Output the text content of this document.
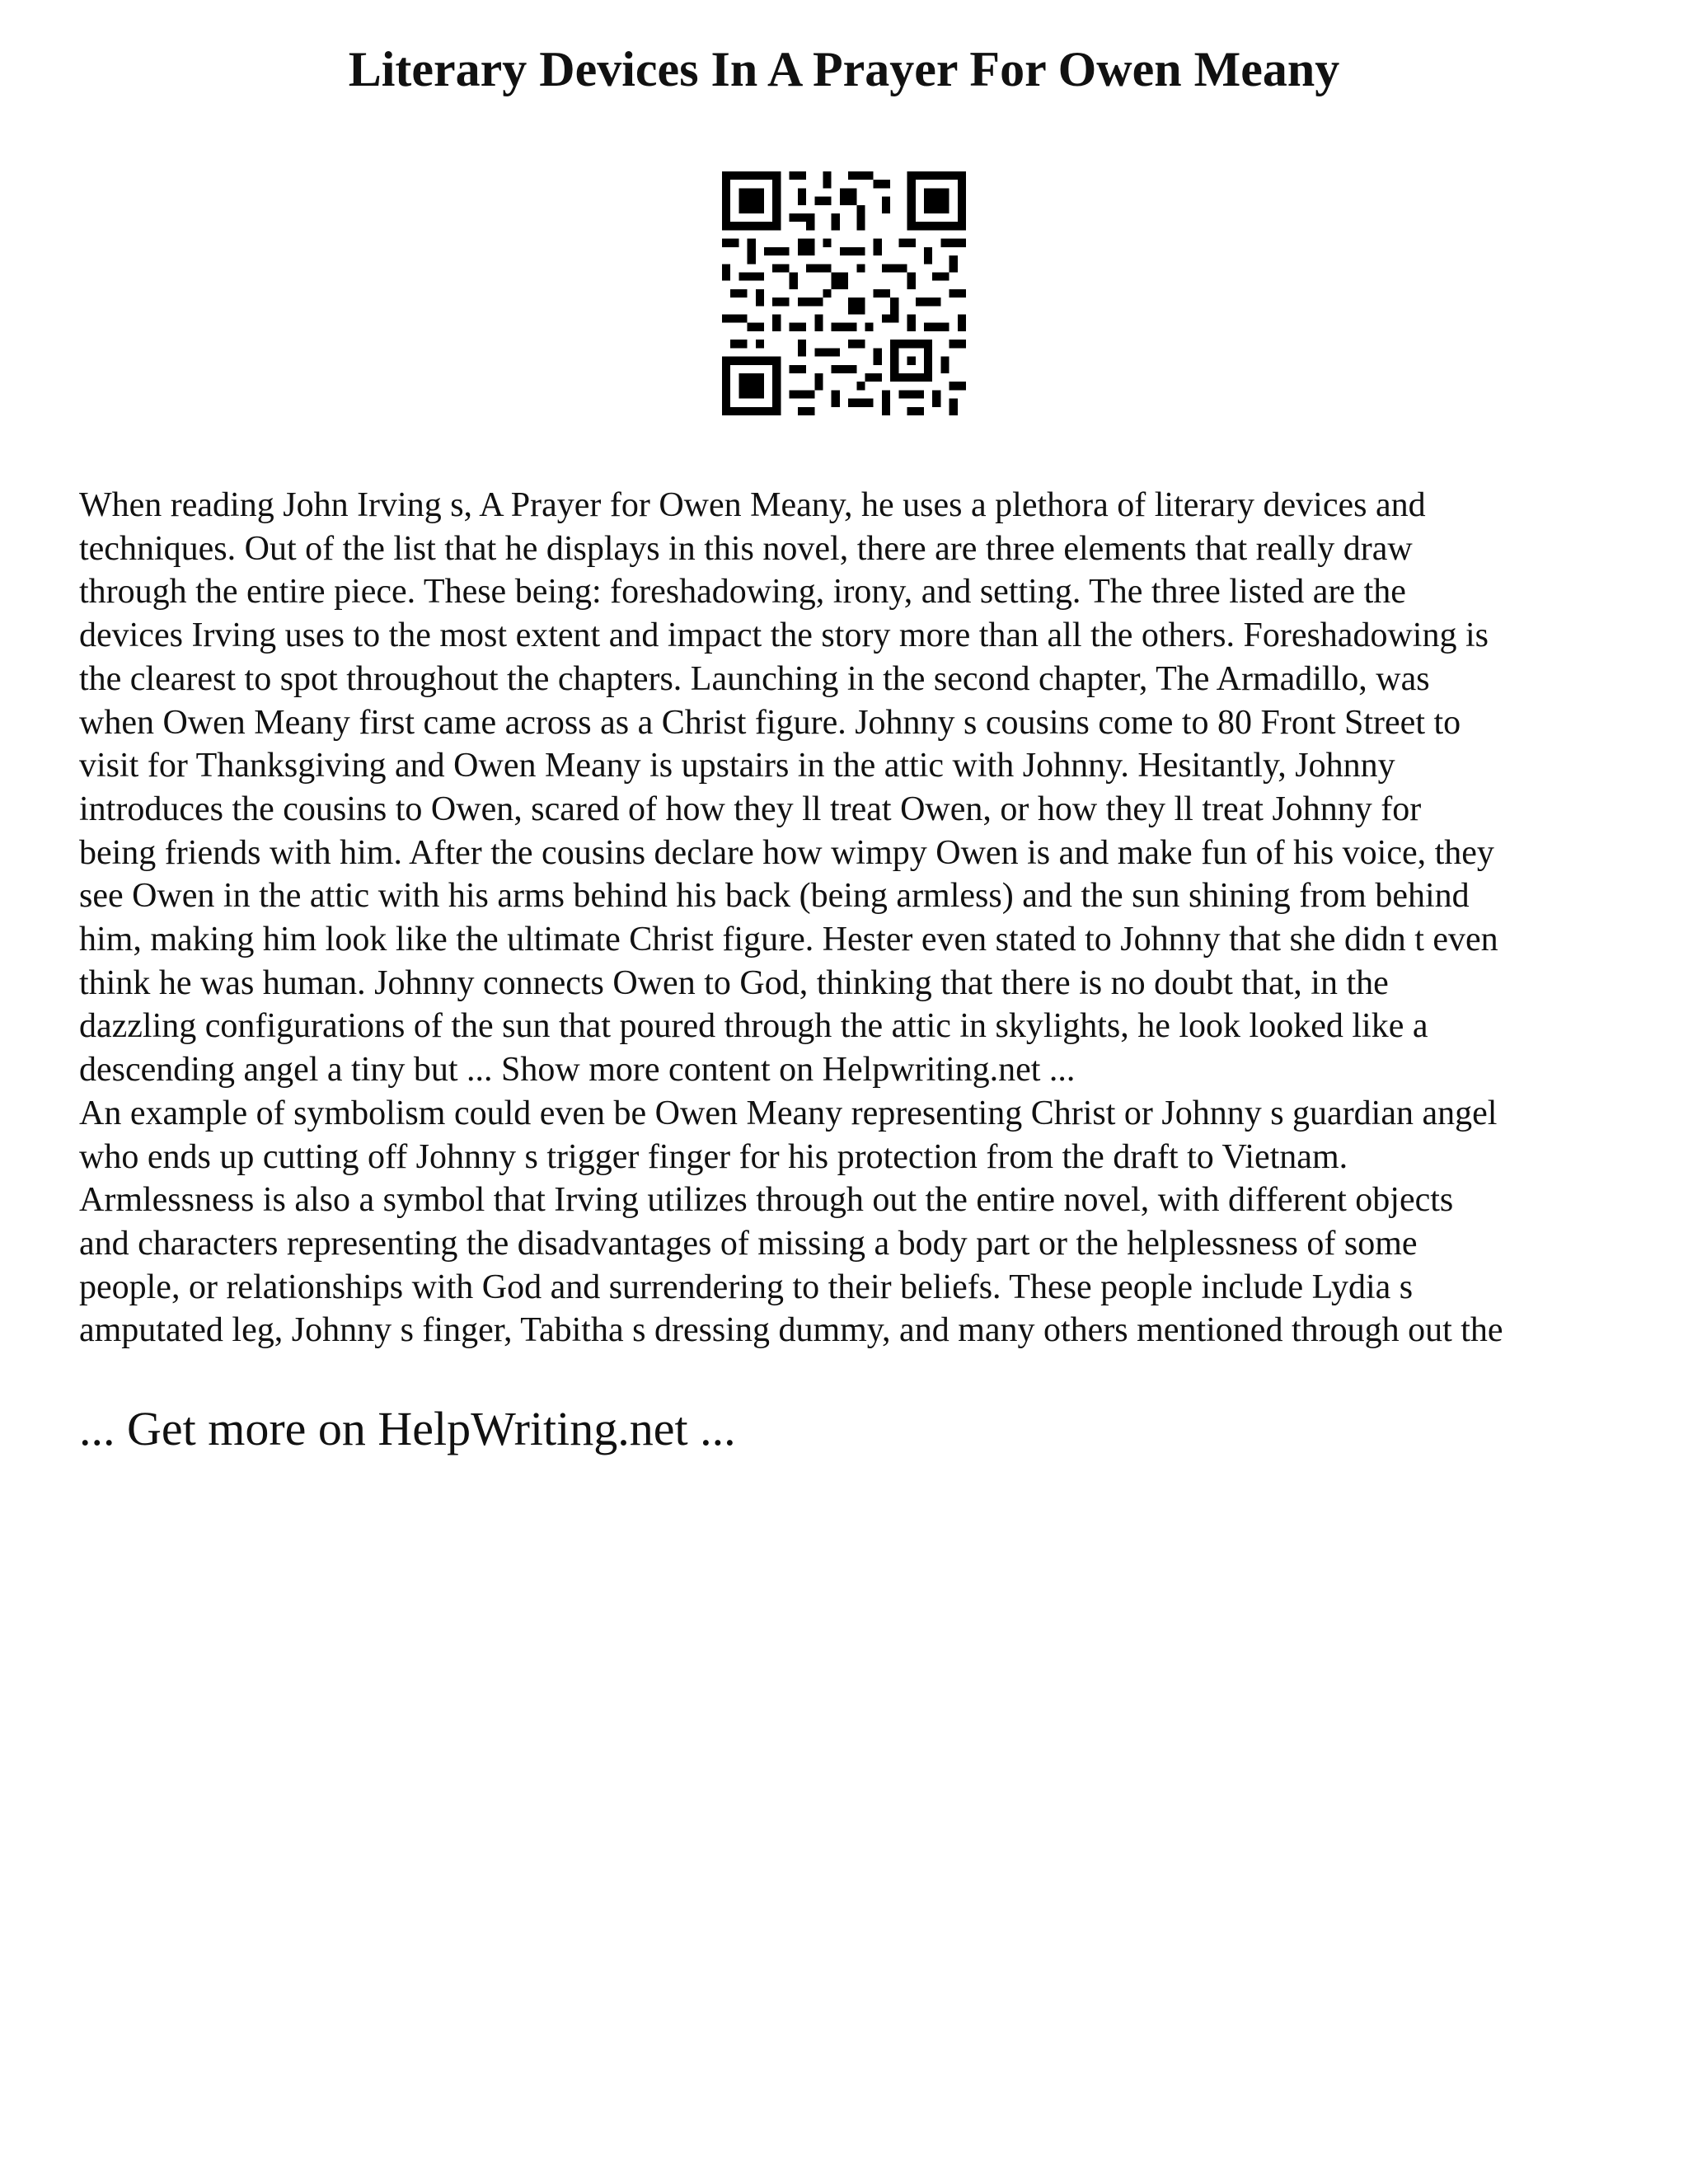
Literary Devices In A Prayer For Owen Meany

When reading John Irving s, A Prayer for Owen Meany, he uses a plethora of literary devices and
techniques. Out of the list that he displays in this novel, there are three elements that really draw
through the entire piece. These being: foreshadowing, irony, and setting. The three listed are the
devices Irving uses to the most extent and impact the story more than all the others. Foreshadowing is
the clearest to spot throughout the chapters. Launching in the second chapter, The Armadillo, was
when Owen Meany first came across as a Christ figure. Johnny s cousins come to 80 Front Street to
visit for Thanksgiving and Owen Meany is upstairs in the attic with Johnny. Hesitantly, Johnny
introduces the cousins to Owen, scared of how they ll treat Owen, or how they ll treat Johnny for
being friends with him. After the cousins declare how wimpy Owen is and make fun of his voice, they
see Owen in the attic with his arms behind his back (being armless) and the sun shining from behind
him, making him look like the ultimate Christ figure. Hester even stated to Johnny that she didn t even
think he was human. Johnny connects Owen to God, thinking that there is no doubt that, in the
dazzling configurations of the sun that poured through the attic in skylights, he look looked like a
descending angel a tiny but ... Show more content on Helpwriting.net ...

An example of symbolism could even be Owen Meany representing Christ or Johnny s guardian angel
who ends up cutting off Johnny s trigger finger for his protection from the draft to Vietnam.
Armlessness is also a symbol that Irving utilizes through out the entire novel, with different objects
and characters representing the disadvantages of missing a body part or the helplessness of some
people, or relationships with God and surrendering to their beliefs. These people include Lydia s
amputated leg, Johnny s finger, Tabitha s dressing dummy, and many others mentioned through out the

... Get more on HelpWriting.net ...
